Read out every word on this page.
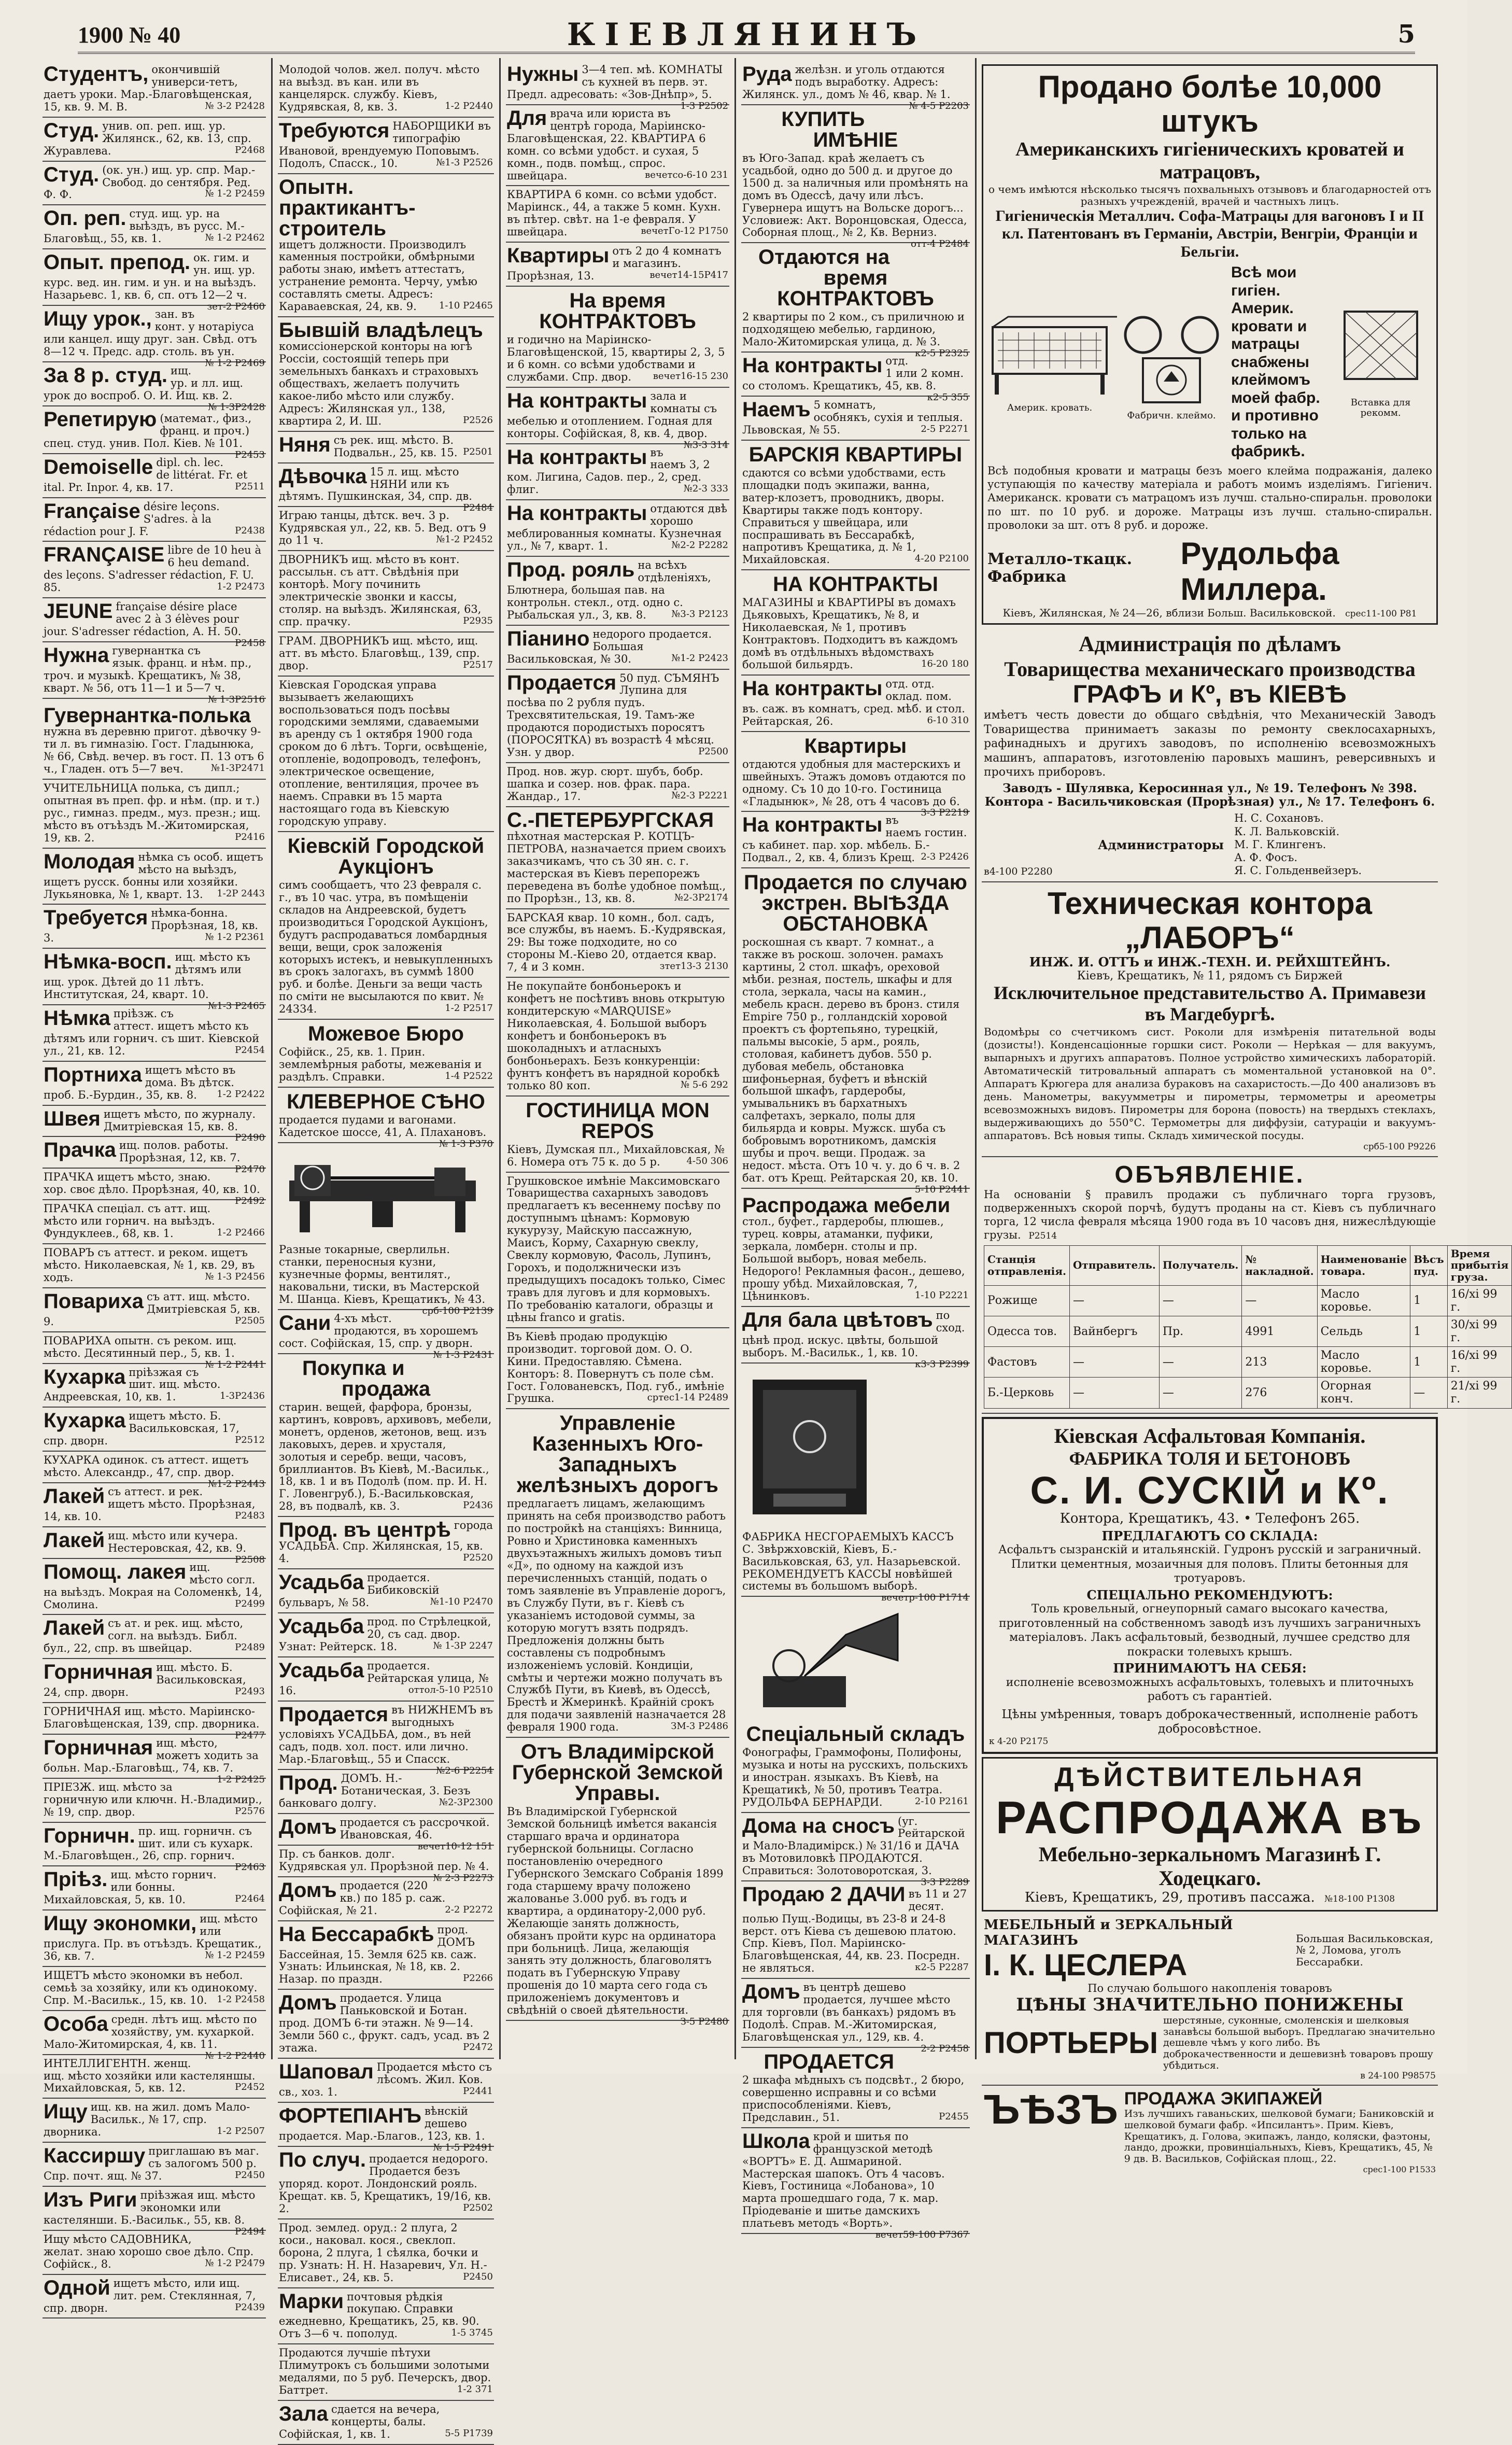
1900 № 40	КІЕВЛЯНИНЪ	5
Студентъ, окончившій универси-тетъ, даетъ уроки. Мар.-Благовѣщенская, 15, кв. 9. М. В.	№ 3-2 P2428
Студ. унив. оп. реп. ищ. ур. Жилянск., 62, кв. 13, спр. Журавлева.	P2468
Студ. (ок. ун.) ищ. ур. спр. Мар.-Свобод. до сентября. Ред. Ф. Ф.	№ 1-2 P2459
Оп. реп. студ. ищ. ур. на выѣздъ, въ русс. М.-Благовѣщ., 55, кв. 1.	№ 1-2 P2462
Опыт. препод. ок. гим. и ун. ищ. ур. курс. вед. ин. гим. и ун. и на выѣздъ. Назарьевс. 1, кв. 6, сп. отъ 12—2 ч.
зет-2 P2460
Ищу урок., зан. въ конт. у нотаріуса или канцел. ищу друг. зан. Свѣд. отъ 8—12 ч. Предс. адр. столь. въ ун.
№ 1-2 P2469
За 8 р. студ. ищ. ур. и лл. ищ. урок до воспроб. О. И. Ищ. кв. 2.
№ 1-3P2428
Репетирую (математ., физ., франц. и проч.) спец. студ. унив. Пол. Кіев. № 101.
P2453
Demoiselle dipl. ch. lec. de littérat. Fr. et ital. Pr. Inpor. 4, кв. 17.	P2511
Française désire leçons. S'adres. à la rédaction pour J. F.	P2438
FRANÇAISE libre de 10 heu à 6 heu demand. des leçons. S'adresser rédaction, F. U. 85.	1-2 P2473
JEUNE française désire place avec 2 à 3 élèves pour jour. S'adresser rédaction, A. H. 50.
P2458
Нужна гувернантка съ язык. франц. и нѣм. пр., троч. и музыкѣ. Крещатикъ, № 38, кварт. № 56, отъ 11—1 и 5—7 ч.
№ 1-3P2516
Гувернантка-полька
нужна въ деревню пригот. дѣвочку 9-ти л. въ гимназію. Гост. Гладынюка, № 66, Свѣд. вечер. въ гост. П. 13 отъ 6 ч., Гладен. отъ 5—7 веч.	№1-3P2471
УЧИТЕЛЬНИЦА полька, съ дипл.; опытная въ преп. фр. и нѣм. (пр. и т.) рус., гимназ. предм., муз. презн.; ищ. мѣсто въ отъѣздъ М.-Житомирская, 19, кв. 2.	P2416
Молодая нѣмка съ особ. ищетъ мѣсто на выѣздъ, ищетъ русск. бонны или хозяйки. Лукьяновка, № 1, кварт. 13. 1-2P 2443
Требуется нѣмка-бонна. Прорѣзная, 18, кв. 3.	№ 1-2 P2361
Нѣмка-восп. ищ. мѣсто къ дѣтямъ или ищ. урок. Дѣтей до 11 лѣтъ. Институтская, 24, кварт. 10.
№1-3 P2465
Нѣмка пріѣзж. съ аттест. ищетъ мѣсто къ дѣтямъ или горнич. съ шит. Кіевской ул., 21, кв. 12.	P2454
Портниха ищетъ мѣсто въ дома. Въ дѣтск. проб. Б.-Бурдин., 35, кв. 8. 1-2 P2422
Швея ищетъ мѣсто, по журналу. Дмитріевская 15, кв. 8.
P2490
Прачка ищ. полов. работы. Прорѣзная, 12, кв. 7.
P2470
ПРАЧКА ищетъ мѣсто, знаю. хор. своє дѣло. Прорѣзная, 40, кв. 10.
P2492
ПРАЧКА спеціал. съ атт. ищ. мѣсто или горнич. на выѣздъ. Фундуклеев., 68, кв. 1.	1-2 P2466
ПОВАРЪ съ аттест. и реком. ищетъ мѣсто. Николаевская, № 1, кв. 29, въ ходъ.	№ 1-3 P2456
Повариха съ атт. ищ. мѣсто. Дмитріевская 5, кв. 9.	P2505
ПОВАРИХА опытн. съ реком. ищ. мѣсто. Десятинный пер., 5, кв. 1.
№ 1-2 P2441
Кухарка пріѣзжая съ шит. ищ. мѣсто. Андреевская, 10, кв. 1.	1-3P2436
Кухарка ищетъ мѣсто. Б. Васильковская, 17, спр. дворн.	P2512
КУХАРКА одинок. съ аттест. ищетъ мѣсто. Александр., 47, спр. двор.
№1-2 P2443
Лакей съ аттест. и рек. ищетъ мѣсто. Прорѣзная, 14, кв. 10.	P2483
Лакей ищ. мѣсто или кучера. Нестеровская, 42, кв. 9.
P2508
Помощ. лакея ищ. мѣсто согл. на выѣздъ. Мокрая на Соломенкѣ, 14, Смолина.	P2499
Лакей съ ат. и рек. ищ. мѣсто, согл. на выѣздъ. Библ. бул., 22, спр. въ швейцар.	P2489
Горничная ищ. мѣсто. Б. Васильковская, 24, спр. дворн.	P2493
ГОРНИЧНАЯ ищ. мѣсто. Маріинско-Благовѣщенская, 139, спр. дворника.
P2477
Горничная ищ. мѣсто, можетъ ходить за больн. Мар.-Благовѣщ., 74, кв. 7.
1-2 P2425
ПРІЕЗЖ. ищ. мѣсто за горничную или ключн. Н.-Владимир., № 19, спр. двор.	P2576
Горничн. пр. ищ. горничн. съ шит. или съ кухарк. М.-Благовѣщен., 26, спр. горнич.
P2463
Пріѣз. ищ. мѣсто горнич. или бонны. Михайловская, 5, кв. 10.	P2464
Ищу экономки, ищ. мѣсто или прислуга. Пр. въ отъѣздъ. Крещатик., 36, кв. 7.	№ 1-2 P2459
ИЩЕТЪ мѣсто экономки въ небол. семьѣ за хозяйку, или къ одинокому. Спр. М.-Васильк., 15, кв. 10. 1-2 P2458
Особа средн. лѣтъ ищ. мѣсто по хозяйству, ум. кухаркой. Мало-Житомирская, 4, кв. 11.
№ 1-2 P2440
ИНТЕЛЛИГЕНТН. женщ. ищ. мѣсто хозяйки или кастеляншы. Михайловская, 5, кв. 12.	P2452
Ищу ищ. кв. на жил. домъ Мало-Васильк., № 17, спр. дворника.	1-2 P2507
Кассиршу приглашаю въ маг. съ залогомъ 500 р. Спр. почт. ящ. № 37.	P2450
Изъ Риги пріѣзжая ищ. мѣсто экономки или кастелянши. Б.-Васильк., 55, кв. 8.
P2494
Ищу мѣсто САДОВНИКА, желат. знаю хорошо свое дѣло. Спр. Софійск., 8.	№ 1-2 P2479
Одной ищетъ мѣсто, или ищ. лит. рем. Стеклянная, 7, спр. дворн.	P2439
Молодой чолов. жел. получ. мѣсто на выѣзд. въ кан. или въ канцелярск. службу. Кіевъ, Кудрявская, 8, кв. 3.	1-2 P2440
Требуются НАБОРЩИКИ въ типографію Ивановой, врендуемую Поповымъ. Подолъ, Спасск., 10.	№1-3 P2526
Опытн. практикантъ-строитель
ищетъ должности. Производилъ каменныя постройки, обмѣрными работы знаю, имѣетъ аттестатъ, устранение ремонта. Черчу, умѣю составлять сметы. Адресъ: Караваевская, 24, кв. 9. 1-10 P2465
Бывшій владѣлецъ
комиссіонерской конторы на югѣ Россіи, состоящій теперь при земельныхъ банкахъ и страховыхъ обществахъ, желаетъ получить какое-либо мѣсто или службу. Адресъ: Жилянская ул., 138, квартира 2, И. Ш.	P2526
Няня съ рек. ищ. мѣсто. В. Подвальн., 25, кв. 15. P2501
Дѣвочка 15 л. ищ. мѣсто НЯНИ или къ дѣтямъ. Пушкинская, 34, спр. дв.
P2484
Играю танцы, дѣтск. веч. 3 р. Кудрявская ул., 22, кв. 5. Вед. отъ 9 до 11 ч.	№1-2 P2452
ДВОРНИКЪ ищ. мѣсто въ конт. рассыльн. съ атт. Свѣдѣнія при конторѣ. Могу починить электрическіе звонки и кассы, столяр. на выѣздъ. Жилянская, 63, спр. прачку.	P2935
ГРАМ. ДВОРНИКЪ ищ. мѣсто, ищ. атт. въ мѣсто. Благовѣщ., 139, спр. двор.	P2517
Кіевская Городская управа вызываетъ желающихъ воспользоваться подъ посѣвы городскими землями, сдаваемыми въ аренду съ 1 октября 1900 года сроком до 6 лѣтъ. Торги, освѣщеніе, отопленіе, водопроводъ, телефонъ, электрическое освещение, отопление, вентиляция, прочее въ наемъ. Справки въ 15 марта настоящаго года въ Кіевскую городскую управу.
Кіевскій Городской Аукціонъ
симъ сообщаетъ, что 23 февраля с. г., въ 10 час. утра, въ помѣщеніи складов на Андреевской, будетъ производиться Городской Аукціонъ, будутъ распродаваться ломбардныя вещи, вещи, срок заложенія которыхъ истекъ, и невыкупленныхъ въ срокъ залогахъ, въ суммѣ 1800 руб. и болѣе. Деньги за вещи часть по сміти не высылаются по квит. № 24334.	1-2 P2517
Можевое Бюро
Софійск., 25, кв. 1. Прин. землемѣрныя работы, межеванія и раздѣлъ. Справки.	1-4 P2522
КЛЕВЕРНОЕ СѢНО
продается пудами и вагонами. Кадетское шоссе, 41, А. Плахановъ.
№ 1-3 P370
Разные токарные, сверлильн. станки, переносныя кузни, кузнечные формы, вентилят., наковальни, тиски, въ Мастерской М. Шанца. Кіевъ, Крещатикъ, № 43.
срб-100 P2139
Сани 4-хъ мѣст. продаются, въ хорошемъ сост. Софійская, 15, спр. у дворн.
№ 1-3 P2431
Покупка и продажа
старин. вещей, фарфора, бронзы, картинъ, ковровъ, архивовъ, мебели, монетъ, орденов, жетонов, вещ. изъ лаковыхъ, дерев. и хрусталя, золотыя и серебр. вещи, часовъ, бриллиантов. Въ Кіевѣ, М.-Васильк., 18, кв. 1 и въ Подолѣ (пом. пр. И. Н. Г. Ловенгруб.), Б.-Васильковская, 28, въ подвалѣ, кв. 3.	P2436
Прод. въ центрѣ города УСАДЬБА. Спр. Жилянская, 15, кв. 4.	P2520
Усадьба продается. Бибиковскій бульваръ, № 58.	№1-10 P2470
Усадьба прод. по Стрѣлецкой, 20, съ сад. двор. Узнат: Рейтерск. 18.	№ 1-3P 2247
Усадьба продается. Рейтарская улица, № 16.	оттол-5-10 P2510
Продается въ НИЖНЕМЪ въ выгодныхъ условіяхъ УСАДЬБА, дом., въ ней садъ, подв. хол. пост. или лично. Мар.-Благовѣщ., 55 и Спасск.
№2-6 P2254
Прод. ДОМЪ. Н.-Ботаническая, 3. Безъ банковаго долгу.	№2-3P2300
Домъ продается съ рассрочкой. Ивановская, 46.
вечет10-12 151
Пр. съ банков. долг. Кудрявская ул. Прорѣзной пер. № 4.
№ 2-3 P2273
Домъ продается (220 кв.) по 185 р. саж. Софійская, № 21.	2-2 P2272
На Бессарабкѣ прод. ДОМЪ Бассейная, 15. Земля 625 кв. саж. Узнать: Ильинская, № 18, кв. 2. Назар. по праздн.	P2266
Домъ продается. Улица Паньковской и Ботан. прод. ДОМЪ 6-ти этажн. № 9—14. Земли 560 с., фрукт. садъ, усад. въ 2 этажа.	P2472
Шаповал Продается мѣсто съ лѣсомъ. Жил. Ков. св., хоз. 1.	P2441
ФОРТЕПІАНЪ вѣнскій дешево продается. Мар.-Благов., 123, кв. 1.
№ 1-5 P2491
По случ. продается недорого. Продается безъ упоряд. корот. Лондонский рояль. Крещат. кв. 5, Крещатикъ, 19/16, кв. 2.	P2502
Прод. землед. оруд.: 2 плуга, 2 коси., наковал. кося., свеклоп. борона, 2 плуга, 1 сѣялка, бочки и пр. Узнать: Н. Н. Назаревич, Ул. Н.-Елисавет., 24, кв. 5.	P2450
Марки почтовыя рѣдкія покупаю. Справки ежедневно, Крещатикъ, 25, кв. 90. Отъ 3—6 ч. пополуд.	1-5 3745
Продаются лучшіе пѣтухи Плимутрокъ съ большими золотыми медалями, по 5 руб. Печерскъ, двор. Баттрет.	1-2 371
Зала сдается на вечера, концерты, балы. Софійская, 1, кв. 1.	5-5 P1739
Нужны 3—4 теп. мѣ. КОМНАТЫ съ кухней въ перв. эт. Предл. адресовать: «Зов-Днѣпр», 5.
1-3 P2502
Для врача или юриста въ центрѣ города, Маріинско-Благовѣщенская, 22. КВАРТИРА 6 комн. со всѣми удобст. и сухая, 5 комн., подв. помѣщ., спрос. швейцара.	вечетсо-6-10 231
КВАРТИРА 6 комн. со всѣми удобст. Маріинск., 44, а также 5 комн. Кухн. въ пѣтер. свѣт. на 1-е февраля. У швейцара.	вечетГо-12 P1750
Квартиры отъ 2 до 4 комнатъ и магазинъ. Прорѣзная, 13.	вечет14-15P417
На время КОНТРАКТОВЪ
и годично на Маріинско-Благовѣщенской, 15, квартиры 2, 3, 5 и 6 комн. со всѣми удобствами и службами. Спр. двор. вечет16-15 230
На контракты зала и комнаты съ мебелью и отоплением. Годная для конторы. Софійская, 8, кв. 4, двор.
№3-3 314
На контракты въ наемъ 3, 2 ком. Лигина, Садов. пер., 2, сред. флиг.	№2-3 333
На контракты отдаются двѣ хорошо меблированныя комнаты. Кузнечная ул., № 7, кварт. 1.	№2-2 P2282
Прод. рояль на всѣхъ отдѣленіяхъ, Блютнера, большая пав. на контрольн. стекл., отд. одно с. Рыбальская ул., 3, кв. 8.	№3-3 P2123
Піанино недорого продается. Большая Васильковская, № 30.	№1-2 P2423
Продается 50 пуд. СЪМЯНЪ Лупина для посѣва по 2 рубля пудъ. Трехсвятительская, 19. Тамъ-же продаются породистыхъ поросятъ (ПОРОСЯТКА) въ возрастѣ 4 мѣсяц. Узн. у двор.	P2500
Прод. нов. жур. сюрт. шубъ, бобр. шапка и созер. нов. фрак. пара. Жандар., 17.	№2-3 P2221
С.-ПЕТЕРБУРГСКАЯ
пѣхотная мастерская Р. КОТЦЪ-ПЕТРОВА, назначается прием своихъ заказчикамъ, что съ 30 ян. с. г. мастерская въ Кіевъ перепорежъ переведена въ болѣе удобное помѣщ., по Прорѣзн., 13, кв. 8.	№2-3P2174
БАРСКАЯ квар. 10 комн., бол. садъ, все службы, въ наемъ. Б.-Кудрявская, 29: Вы тоже подходите, но со стороны М.-Кіево 20, отдается квар. 7, 4 и 3 комн.	зтет13-3 2130
Не покупайте бонбоньерокъ и конфетъ не посѣтивъ вновь открытую кондитерскую «MARQUISE» Николаевская, 4. Большой выборъ конфетъ и бонбоньерокъ въ шоколадныхъ и атласныхъ бонбоньерахъ. Безъ конкуренціи: фунтъ конфетъ въ нарядной коробкѣ только 80 коп.	№ 5-6 292
ГОСТИНИЦА MON REPOS
Кіевъ, Думская пл., Михайловская, № 6. Номера отъ 75 к. до 5 р.	4-50 306
Грушковское имѣніе Максимовскаго Товарищества сахарныхъ заводовъ предлагаетъ къ весеннему посѣву по доступнымъ цѣнамъ: Кормовую кукурузу, Майскую пассажную, Маисъ, Корму, Сахарную свеклу, Свеклу кормовую, Фасоль, Лупинъ, Горохъ, и подолжнически изъ предыдущихъ посадокъ только, Сімес травъ для луговъ и для кормовыхъ. По требованію каталоги, образцы и цѣны franco и gratis.
Въ Кіевѣ продаю продукцію производит. торговой дом. О. О. Кини. Предоставляю. Сѣмена. Конторъ: 8. Повернутъ съ поле сѣм. Гост. Голованевскъ, Под. губ., имѣніе Грушка.	сртес1-14 P2489
Управленіе Казенныхъ Юго-Западныхъ желѣзныхъ дорогъ
предлагаетъ лицамъ, желающимъ принять на себя производство работъ по постройкѣ на станціяхъ: Винница, Ровно и Христиновка каменныхъ двухъэтажныхъ жилыхъ домовъ тиъп «Д», по одному на каждой изъ перечисленныхъ станцій, подать о томъ заявленіе въ Управленіе дорогъ, въ Службу Пути, въ г. Кіевѣ съ указаніемъ истодовой суммы, за которую могутъ взять подрядъ. Предложенія должны быть составлены съ подробнымъ изложеніемъ условій. Кондиціи, смѣты и чертежи можно получать въ Службѣ Пути, въ Киевѣ, въ Одессѣ, Брестѣ и Жмеринкѣ. Крайній срокъ для подачи заявленій назначается 28 февраля 1900 года.	ЗМ-3 P2486
Отъ Владимірской Губернской Земской Управы.
Въ Владимірской Губернской Земской больницѣ имѣется вакансія старшаго врача и ординатора губернской больницы. Согласно постановленію очередного Губернского Земскаго Собранія 1899 года старшему врачу положено жалованье 3.000 руб. въ годъ и квартира, а ординатору-2,000 руб. Желающіе занять должность, обязанъ пройти курс на ординатора при больницѣ. Лица, желающія занять эту должность, благоволятъ подать въ Губернскую Управу прошенія до 10 марта сего года съ приложеніемъ документовъ и свѣдѣній о своей дѣятельности.
З-5 P2480
Руда желѣзн. и уголь отдаются подъ выработку. Адресъ: Жилянск. ул., домъ № 46, квар. № 1.
№ 4-5 P2203
КУПИТЬ ИМѢНІЕ
въ Юго-Запад. краѣ желаетъ съ усадьбой, одно до 500 д. и другое до 1500 д. за наличныя или промѣнять на домъ въ Одессѣ, дачу или лѣсъ. Гувернера ищутъ на Вольске дорогъ... Условиеж: Акт. Воронцовская, Одесса, Соборная площ., № 2, Кв. Верниз.
отт-4 P2484
Отдаются на время КОНТРАКТОВЪ
2 квартиры по 2 ком., съ приличною и подходящею мебелью, гардиною, Мало-Житомирская улица, д. № 3.
к2-5 P2325
На контракты отд. 1 или 2 комн. со столомъ. Крещатикъ, 45, кв. 8.
к2-5 355
Наемъ 5 комнатъ, особнякъ, сухія и теплыя. Львовская, № 55.	2-5 P2271
БАРСКІЯ КВАРТИРЫ
сдаются со всѣми удобствами, есть площадки подъ экипажи, ванна, ватер-клозетъ, проводникъ, дворы. Квартиры также подъ контору. Справиться у швейцара, или поспрашивать въ Бессарабкѣ, напротивъ Крещатика, д. № 1, Михайловская.	4-20 P2100
НА КОНТРАКТЫ
МАГАЗИНЫ и КВАРТИРЫ въ домахъ Дьяковыхъ, Крещатикъ, № 8, и Николаевская, № 1, противъ Контрактовъ. Подходитъ въ каждомъ домѣ въ отдѣльныхъ вѣдомствахъ большой бильярдъ.	16-20 180
На контракты отд. отд. оклад. пом. въ. саж. въ комнатъ, сред. мѣб. и стол. Рейтарская, 26.	6-10 310
Квартиры
отдаются удобныя для мастерскихъ и швейныхъ. Этажъ домовъ отдаются по одному. Съ 10 до 10-го. Гостиница «Гладынюк», № 28, отъ 4 часовъ до 6.
3-3 P2219
На контракты въ наемъ гостин. съ кабинет. пар. хор. мѣбель. Б.-Подвал., 2, кв. 4, близъ Крещ. 2-3 P2426
Продается по случаю экстрен. ВЫѢЗДА ОБСТАНОВКА
роскошная съ кварт. 7 комнат., а также въ роскош. золочен. рамахъ картины, 2 стол. шкафъ, ореховой мѣби. резная, постель, шкафы и для стола, зеркала, часы на камин., мебель красн. дерево въ бронз. стиля Empire 750 р., голландскій хоровой проектъ съ фортепьяно, турецкій, пальмы высокіе, 5 арм., рояль, столовая, кабинетъ дубов. 550 р. дубовая мебель, обстановка шифоньерная, буфетъ и вѣнскій большой шкафъ, гардеробы, умывальникъ въ бархатныхъ салфетахъ, зеркало, полы для бильярдa и ковры. Мужск. шуба съ бобровымъ воротникомъ, дамскія шубы и проч. вещи. Продаж. за недост. мѣста. Отъ 10 ч. у. до 6 ч. в. 2 бат. отъ Крещ. Рейтарская 20, кв. 10.
5-10 P2441
Распродажа мебели
стол., буфет., гардеробы, плюшев., турец. ковры, атаманки, пуфики, зеркала, ломберн. столы и пр. Большой выборъ, новая мебель. Недорого! Рекламныя фасон., дешево, прошу убѣд. Михайловская, 7, Цѣнинковъ.	1-10 P2221
Для бала цвѣтовъ по сход. цѣнѣ прод. искус. цвѣты, большой выборъ. М.-Васильк., 1, кв. 10.
к3-3 P2399
ФАБРИКА НЕСГОРАЕМЫХЪ КАССЪ С. Звѣржховскій, Кіевъ, Б.-Васильковская, 63, ул. Назарьевской. РЕКОМЕНДУЕТЪ КАССЫ новѣйшей системы въ большомъ выборѣ.
вечетр-100 P1714
Спеціальный складъ
Фонографы, Граммофоны, Полифоны, музыка и ноты на русскихъ, польскихъ и иностран. языкахъ. Въ Кіевѣ, на Крещатикѣ, № 50, противъ Театра. РУДОЛЬФА БЕРНАРДИ.	2-10 P2161
Дома на сносъ (уг. Рейтарской и Мало-Владимірск.) № 31/16 и ДАЧА въ Мотовиловкѣ ПРОДАЮТСЯ. Справиться: Золотоворотская, 3.
3-3 P2289
Продаю 2 ДАЧИ въ 11 и 27 десят. полью Пущ.-Водицы, въ 23-8 и 24-8 верст. отъ Кіева съ дешевою платою. Спр. Кіевъ, Пол. Маріинско-Благовѣщенская, 44, кв. 23. Посредн. не являться.	к2-5 P2287
Домъ въ центрѣ дешево продается, лучшее мѣсто для торговли (въ банкахъ) рядомъ въ Подолѣ. Справ. М.-Житомирская, Благовѣщенская ул., 129, кв. 4.
2-2 P2458
ПРОДАЕТСЯ
2 шкафа мѣдныхъ съ подсвѣт., 2 бюро, совершенно исправны и со всѣми приспособленіями. Кіевъ, Предславин., 51.	P2455
Школа крой и шитья по французской методѣ «ВОРТЪ» Е. Д. Ашмариной. Мастерская шапокъ. Отъ 4 часовъ. Кіевъ, Гостиница «Лобанова», 10 марта прошедшаго года, 7 к. мар. Пріодеваніе и шитье дамскихъ платьевъ методъ «Ворть».
вечет59-100 P7367
Продано болѣе 10,000 штукъ
Американскихъ гигіеническихъ кроватей и матрацовъ,
о чемъ имѣются нѣсколько тысячъ похвальныхъ отзывовъ и благодарностей отъ разныхъ учрежденій, врачей и частныхъ лицъ.
Гигіеническія Металлич. Софа-Матрацы для вагоновъ I и II кл. Патентованъ въ Германіи, Австріи, Венгріи, Франціи и Бельгіи.
Америк. кровать.
Фабричн. клеймо.
Всѣ мои гигіен. Америк. кровати и матрацы снабжены клеймомъ моей фабр. и противно только на фабрикѣ.
Вставка для рекомм.
Всѣ подобныя кровати и матрацы безъ моего клейма подражанія, далеко уступающія по качеству матеріала и работъ моимъ изделіямъ. Гигіенич. Американск. кровати съ матрацомъ изъ лучш. стально-спиральн. проволоки по шт. по 10 руб. и дороже. Матрацы изъ лучш. стально-спиральн. проволоки за шт. отъ 8 руб. и дороже.
Металло-ткацк. Фабрика
Рудольфа Миллера.
Кіевъ, Жилянская, № 24—26, вблизи Больш. Васильковской. срес11-100 P81
Администрація по дѣламъ
Товарищества механическаго производства
ГРАФЪ и Кº, въ КІЕВѢ
имѣетъ честь довести до общаго свѣдѣнія, что Механическій Заводъ Товарищества принимаетъ заказы по ремонту свеклосахарныхъ, рафинадныхъ и другихъ заводовъ, по исполненію всевозможныхъ машинъ, аппаратовъ, изготовленію паровыхъ машинъ, реверсивныхъ и прочихъ приборовъ.
Заводъ - Шулявка, Керосинная ул., № 19. Телефонъ № 398.
Контора - Васильчиковская (Прорѣзная) ул., № 17. Телефонъ 6.
в4-100 P2280
Администраторы
Н. С. Сохановъ.
К. Л. Вальковскій.
М. Г. Клингенъ.
А. Ф. Фосъ.
Я. С. Гольденвейзеръ.
Техническая контора „ЛАБОРЪ“
ИНЖ. И. ОТТЪ и ИНЖ.-ТЕХН. И. РЕЙХШТЕЙНЪ.
Кіевъ, Крещатикъ, № 11, рядомъ съ Биржей
Исключительное представительство А. Примавези въ Магдебургѣ.
Водомѣры со счетчикомъ сист. Роколи для измѣренія питательной воды (дозисты!). Конденсаціонные горшки сист. Роколи — Нерѣкая — для вакуумъ, выпарныхъ и другихъ аппаратовъ. Полное устройство химическихъ лабораторій. Автоматическій титровальный аппаратъ съ моментальной установкой на 0°. Аппаратъ Крюгера для анализа бураковъ на сахаристость.—До 400 анализовъ въ день. Манометры, вакуумметры и пирометры, термометры и ареометры всевозможныхъ видовъ. Пирометры для борона (повость) на твердыхъ стеклахъ, выдерживающихъ до 550°С. Термометры для диффузіи, сатураціи и вакуумъ-аппаратовъ. Всѣ новыя типы. Складъ химической посуды.
срб5-100 P9226
ОБЪЯВЛЕНІЕ.
На основаніи § правилъ продажи съ публичнаго торга грузовъ, подверженныхъ скорой порчѣ, будутъ проданы на ст. Кіевъ съ публичнаго торга, 12 числа февраля мѣсяца 1900 года въ 10 часовъ дня, нижеслѣдующіе грузы. P2514
Станція отправленія.	Отправитель.	Получатель.	№ накладной.	Наименованіе товара.	Вѣсъ пуд.	Время прибытія груза.
Рожище	—	—	—	Масло коровье.	1	16/xi 99 г.
Одесса тов.	Вайнбергъ	Пр.	4991	Сельдь	1	30/xi 99 г.
Фастовъ	—	—	213	Масло коровье.	1	16/xi 99 г.
Б.-Церковь	—	—	276	Огорная конч.	—	21/xi 99 г.
Кіевская Асфальтовая Компанія.
ФАБРИКА ТОЛЯ И БЕТОНОВЪ
С. И. СУСКІЙ и Кº.
Контора, Крещатикъ, 43. • Телефонъ 265.
ПРЕДЛАГАЮТЪ СО СКЛАДА:
Асфальтъ сызранскій и итальянскій. Гудронъ русскій и заграничный. Плитки цементныя, мозаичныя для половъ. Плиты бетонныя для тротуаровъ.
СПЕЦІАЛЬНО РЕКОМЕНДУЮТЪ:
Толь кровельный, огнеупорный самаго высокаго качества, приготовленный на собственномъ заводѣ изъ лучшихъ заграничныхъ матеріаловъ. Лакъ асфальтовый, безводный, лучшее средство для покраски толевыхъ крышъ.
ПРИНИМАЮТЪ НА СЕБЯ:
исполненіе всевозможныхъ асфальтовыхъ, толевыхъ и плиточныхъ работъ съ гарантіей.
Цѣны умѣренныя, товаръ доброкачественный, исполненіе работъ добросовѣстное.
к 4-20 P2175
ДѢЙСТВИТЕЛЬНАЯ
РАСПРОДАЖА въ
Мебельно-зеркальномъ Магазинѣ Г. Ходецкаго.
Кіевъ, Крещатикъ, 29, противъ пассажа. №18-100 P1308
МЕБЕЛЬНЫЙ и ЗЕРКАЛЬНЫЙ МАГАЗИНЪ
І. К. ЦЕСЛЕРА
Большая Васильковская, № 2, Ломова, уголъ Бессарабки.
По случаю большого накопленія товаровъ
ЦѢНЫ ЗНАЧИТЕЛЬНО ПОНИЖЕНЫ
ПОРТЬЕРЫ
шерстяные, суконные, смоленскія и шелковыя занавѣсы большой выборъ. Предлагаю значительно дешевле чѣмъ у кого либо. Въ доброкачественности и дешевизнѣ товаровъ прошу убѣдиться.
в 24-100 P98575
ЪѢЗЪ ПРОДАЖА ЭКИПАЖЕЙ
Изъ лучшихъ гаваньских, шелковой бумаги; Баниковскій и шелковой бумаги фабр. «Ипсилантъ». Прим. Кіевъ, Крещатикъ, д. Голова, экипажъ, ландо, коляски, фаэтоны, ландо, дрожки, провинціальныхъ, Кіевъ, Крещатикъ, 45, № 9 дв. В. Васильков, Софійская площ., 22.
срес1-100 P1533
